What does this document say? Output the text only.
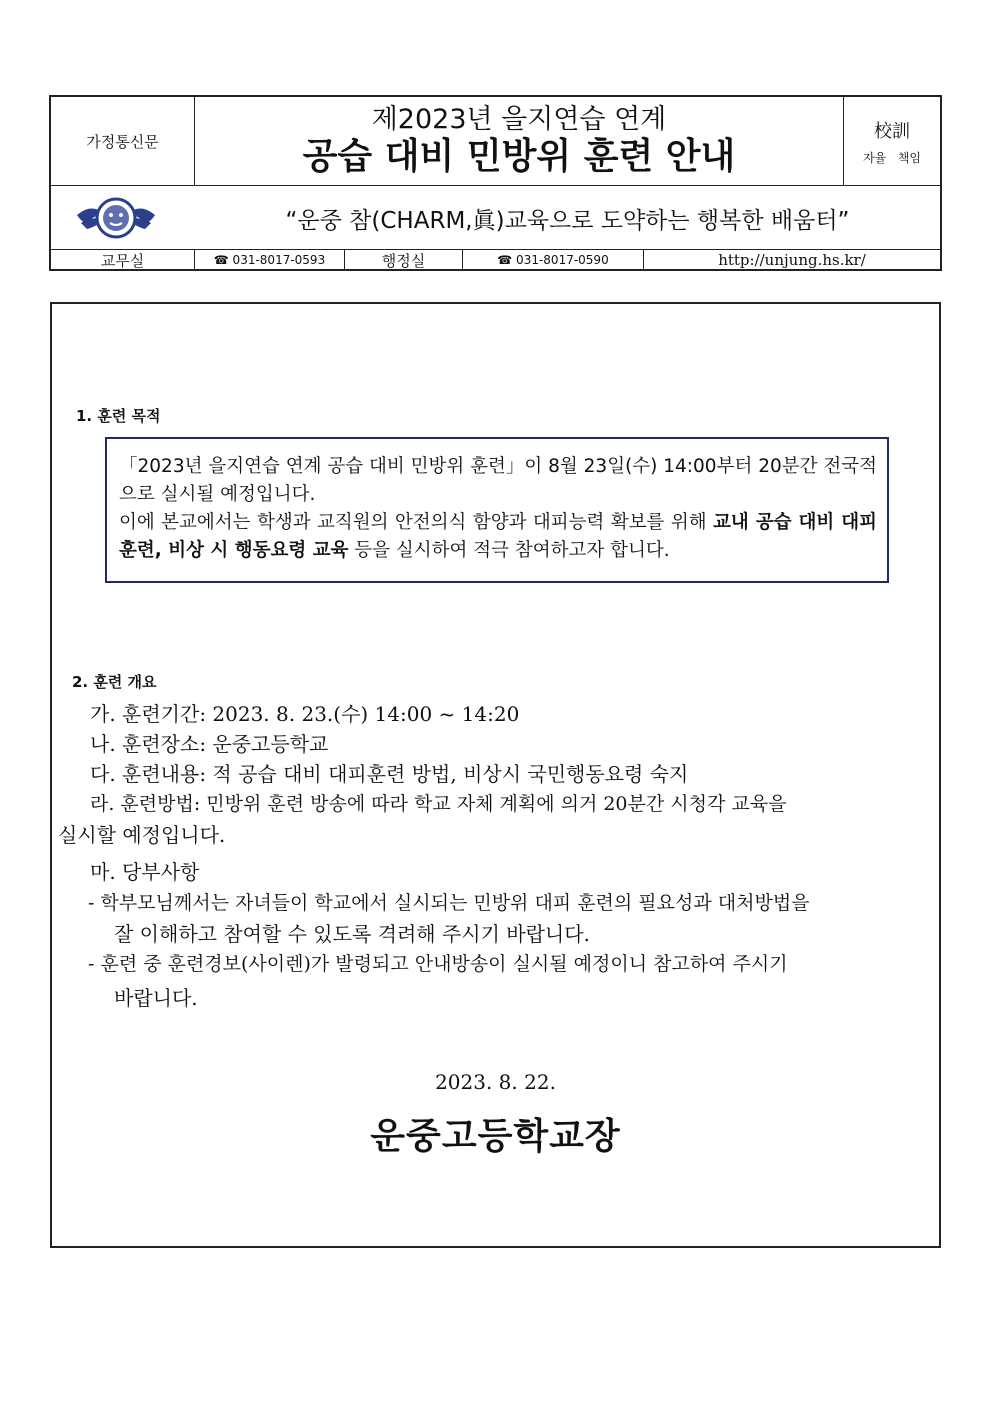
가정통신문
제2023년 을지연습 연계
공습 대비 민방위 훈련 안내
校訓
자율   책임
“운중 참(CHARM,眞)교육으로 도약하는 행복한 배움터”
교무실	☎ 031-8017-0593	행정실	☎ 031-8017-0590	http://unjung.hs.kr/
1. 훈련 목적
「2023년 을지연습 연계 공습 대비 민방위 훈련」이 8월 23일(수) 14:00부터 20분간 전국적으로 실시될 예정입니다.
이에 본교에서는 학생과 교직원의 안전의식 함양과 대피능력 확보를 위해 교내 공습 대비 대피훈련, 비상 시 행동요령 교육 등을 실시하여 적극 참여하고자 합니다.
2. 훈련 개요
가. 훈련기간: 2023. 8. 23.(수) 14:00 ~ 14:20
나. 훈련장소: 운중고등학교
다. 훈련내용: 적 공습 대비 대피훈련 방법, 비상시 국민행동요령 숙지
라. 훈련방법: 민방위 훈련 방송에 따라 학교 자체 계획에 의거 20분간 시청각 교육을
실시할 예정입니다.
마. 당부사항
- 학부모님께서는 자녀들이 학교에서 실시되는 민방위 대피 훈련의 필요성과 대처방법을
잘 이해하고 참여할 수 있도록 격려해 주시기 바랍니다.
- 훈련 중 훈련경보(사이렌)가 발령되고 안내방송이 실시될 예정이니 참고하여 주시기
바랍니다.
2023. 8. 22.
운중고등학교장
